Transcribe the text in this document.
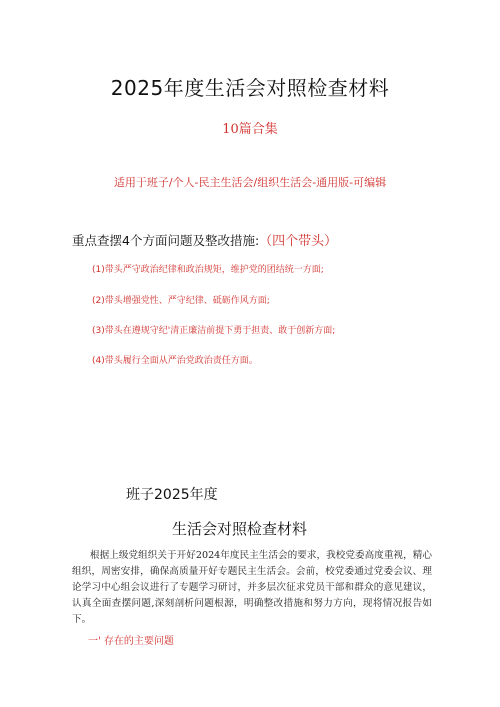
2025年度生活会对照检查材料
10篇合集
适用于班子/个人-民主生活会/组织生活会-通用版-可编辑
重点查摆4个方面问题及整改措施:（四个带头）
(1)带头严守政治纪律和政治规矩，维护党的团结统一方面;
(2)带头增强党性、严守纪律、砥砺作风方面;
(3)带头在遵规守纪'清正廉洁前提下勇于担责、敢于创新方面;
(4)带头履行全面从严治党政治责任方面。
班子2025年度
生活会对照检查材料

根据上级党组织关于开好2024年度民主生活会的要求，我校党委高度重视，精心组织，周密安排，确保高质量开好专题民主生活会。会前，校党委通过党委会议、理论学习中心组会议进行了专题学习研讨，并多层次征求党员干部和群众的意见建议，认真全面查摆问题,深刻剖析问题根源，明确整改措施和努力方向，现将情况报告如下。

一' 存在的主要问题
